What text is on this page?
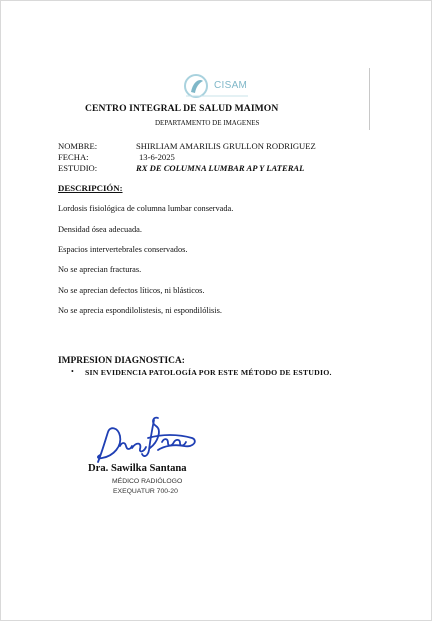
CISAM
CENTRO INTEGRAL DE SALUD MAIMON
DEPARTAMENTO DE IMAGENES
NOMBRE:	SHIRLIAM AMARILIS GRULLON RODRIGUEZ
FECHA:	13-6-2025
ESTUDIO:	RX DE COLUMNA LUMBAR AP Y LATERAL
DESCRIPCIÓN:
Lordosis fisiológica de columna lumbar conservada.
Densidad ósea adecuada.
Espacios intervertebrales conservados.
No se aprecian fracturas.
No se aprecian defectos líticos, ni blásticos.
No se aprecia espondilolistesis, ni espondilólisis.
IMPRESION DIAGNOSTICA:
• SIN EVIDENCIA PATOLOGÍA POR ESTE MÉTODO DE ESTUDIO.
Dra. Sawilka Santana
MÉDICO RADIÓLOGO
EXEQUATUR 700-20
